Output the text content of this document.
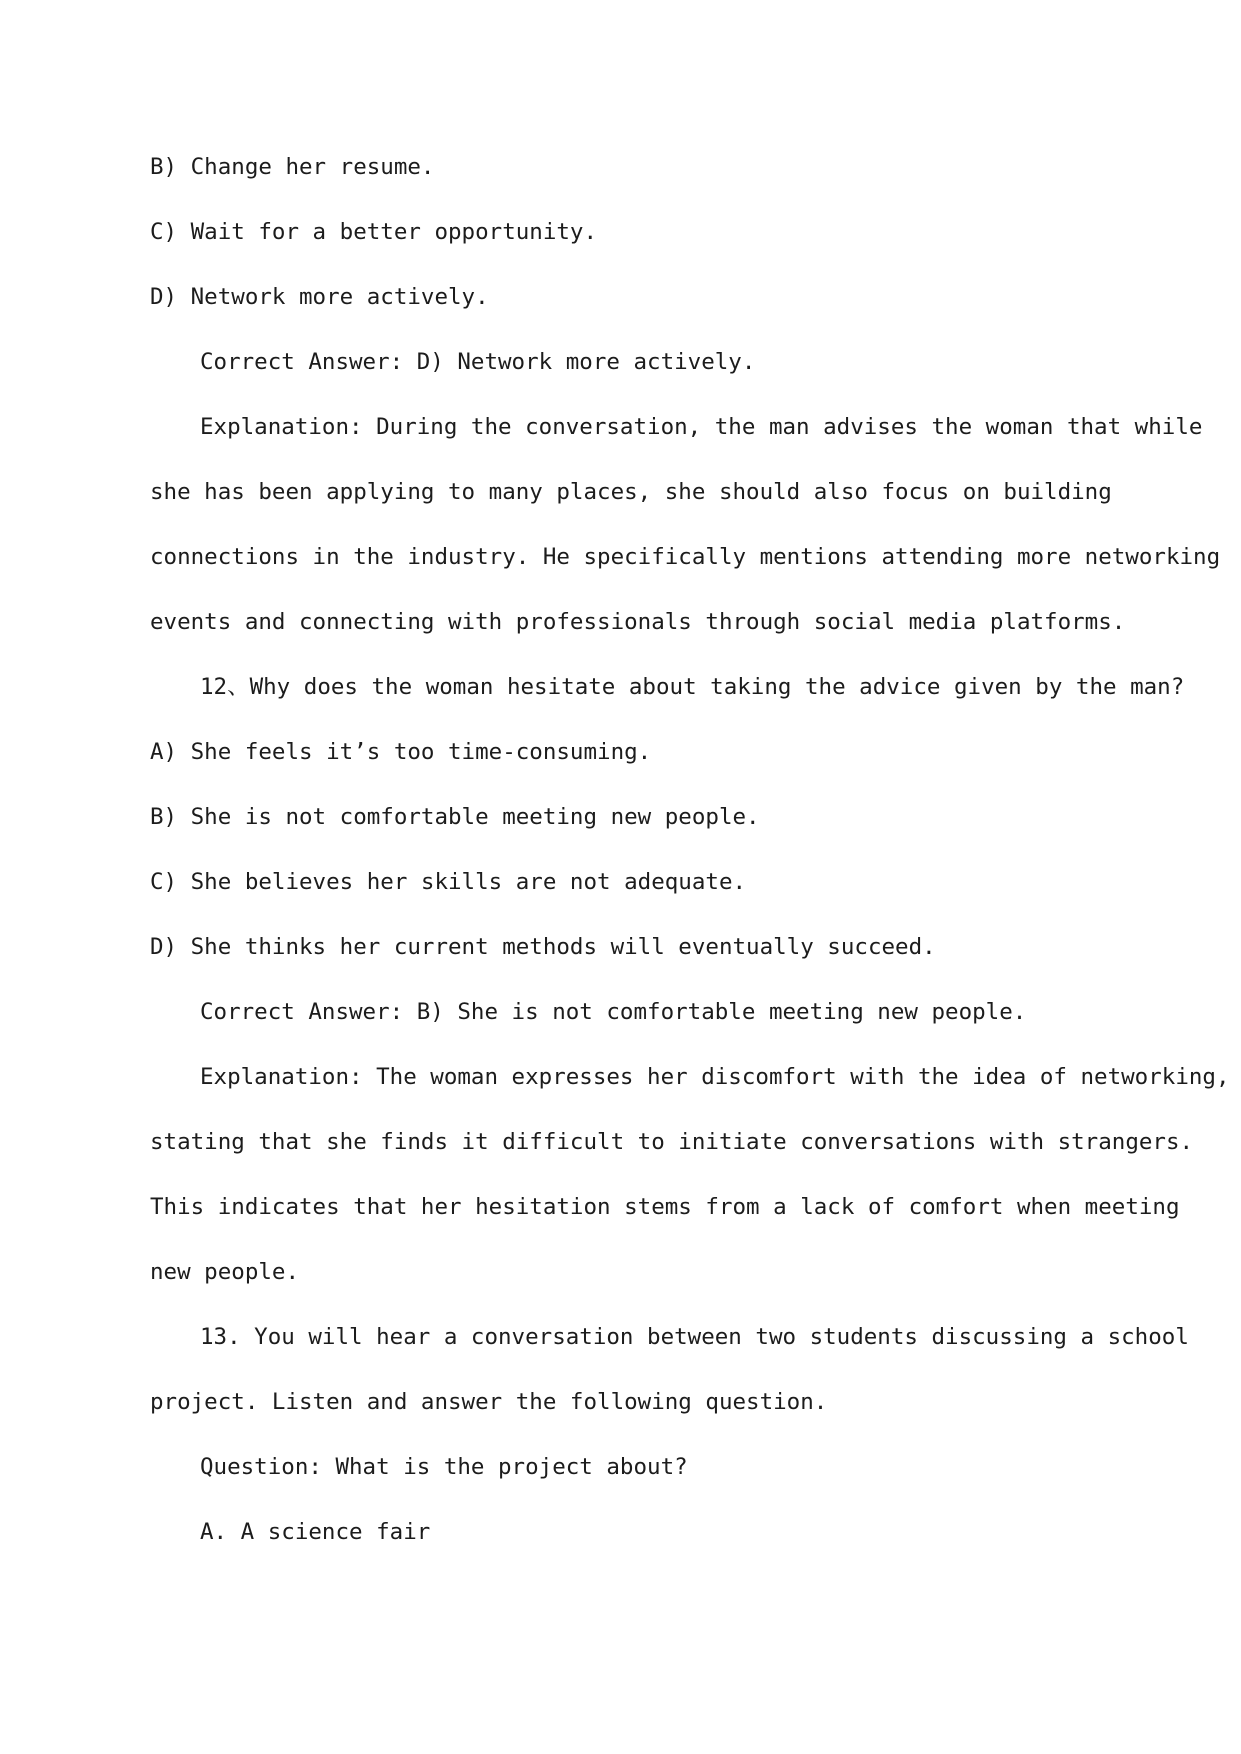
B) Change her resume.

C) Wait for a better opportunity.

D) Network more actively.

Correct Answer: D) Network more actively.

Explanation: During the conversation, the man advises the woman that while

she has been applying to many places, she should also focus on building

connections in the industry. He specifically mentions attending more networking

events and connecting with professionals through social media platforms.

12、Why does the woman hesitate about taking the advice given by the man?

A) She feels it’s too time-consuming.

B) She is not comfortable meeting new people.

C) She believes her skills are not adequate.

D) She thinks her current methods will eventually succeed.

Correct Answer: B) She is not comfortable meeting new people.

Explanation: The woman expresses her discomfort with the idea of networking,

stating that she finds it difficult to initiate conversations with strangers.

This indicates that her hesitation stems from a lack of comfort when meeting

new people.

13. You will hear a conversation between two students discussing a school

project. Listen and answer the following question.

Question: What is the project about?

A. A science fair
